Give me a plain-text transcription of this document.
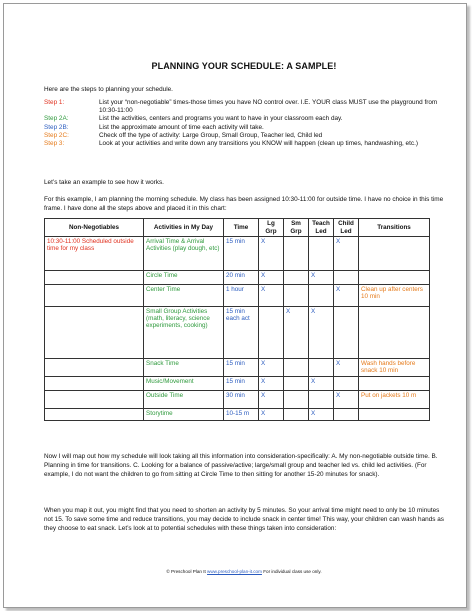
PLANNING YOUR SCHEDULE: A SAMPLE!
Here are the steps to planning your schedule.
Step 1:	List your “non-negotiable” times-those times you have NO control over. I.E. YOUR class MUST use the playground from 10:30-11:00
Step 2A:	List the activities, centers and programs you want to have in your classroom each day.
Step 2B:	List the approximate amount of time each activity will take.
Step 2C:	Check off the type of activity: Large Group, Small Group, Teacher led, Child led
Step 3:	Look at your activities and write down any transitions you KNOW will happen (clean up times, handwashing, etc.)
Let’s take an example to see how it works.
For this example, I am planning the morning schedule. My class has been assigned 10:30-11:00 for outside time. I have no choice in this time frame. I have done all the steps above and placed it in this chart:
Non-Negotiables	Activities in My Day	Time	Lg Grp	Sm Grp	Teach Led	Child Led	Transitions
10:30-11:00 Scheduled outside time for my class	Arrival Time & Arrival Activities (play dough, etc)	15 min	X			X	
	Circle Time	20 min	X		X		
	Center Time	1 hour	X			X	Clean up after centers 10 min
	Small Group Activities (math, literacy, science experiments, cooking)	15 min each act		X	X		
	Snack Time	15 min	X			X	Wash hands before snack 10 min
	Music/Movement	15 min	X		X		
	Outside Time	30 min	X			X	Put on jackets 10 m
	Storytime	10-15 m	X		X		
Now I will map out how my schedule will look taking all this information into consideration-specifically: A. My non-negotiable outside time. B. Planning in time for transitions. C. Looking for a balance of passive/active; large/small group and teacher led vs. child led activities. (For example, I do not want the children to go from sitting at Circle Time to then sitting for another 15-20 minutes for snack).
When you map it out, you might find that you need to shorten an activity by 5 minutes. So your arrival time might need to only be 10 minutes not 15. To save some time and reduce transitions, you may decide to include snack in center time! This way, your children can wash hands as they choose to eat snack. Let’s look at to potential schedules with these things taken into consideration:
© Preschool Plan It www.preschool-plan-it.com For individual class use only.
